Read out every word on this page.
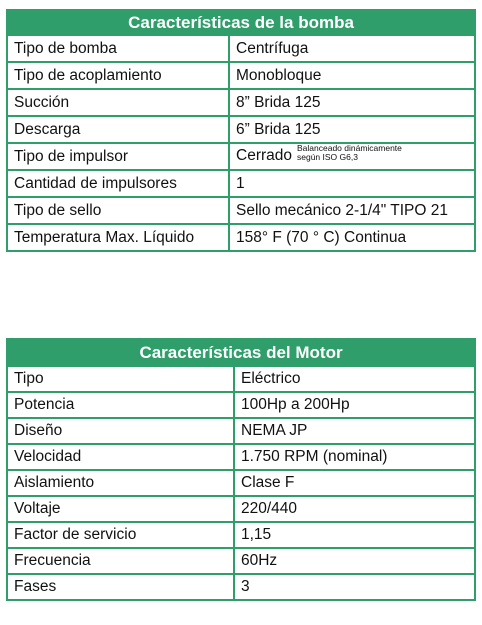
Características de la bomba	
Tipo de bomba	Centrífuga
Tipo de acoplamiento	Monobloque
Succión	8” Brida 125
Descarga	6” Brida 125
Tipo de impulsor	Cerrado Balanceado dinámicamente
según ISO G6,3

Cantidad de impulsores	1
Tipo de sello	Sello mecánico 2-1/4" TIPO 21
Temperatura Max. Líquido	158° F (70 ° C) Continua
Características del Motor	
Tipo	Eléctrico
Potencia	100Hp a 200Hp
Diseño	NEMA JP
Velocidad	1.750 RPM (nominal)
Aislamiento	Clase F
Voltaje	220/440
Factor de servicio	1,15
Frecuencia	60Hz
Fases	3
